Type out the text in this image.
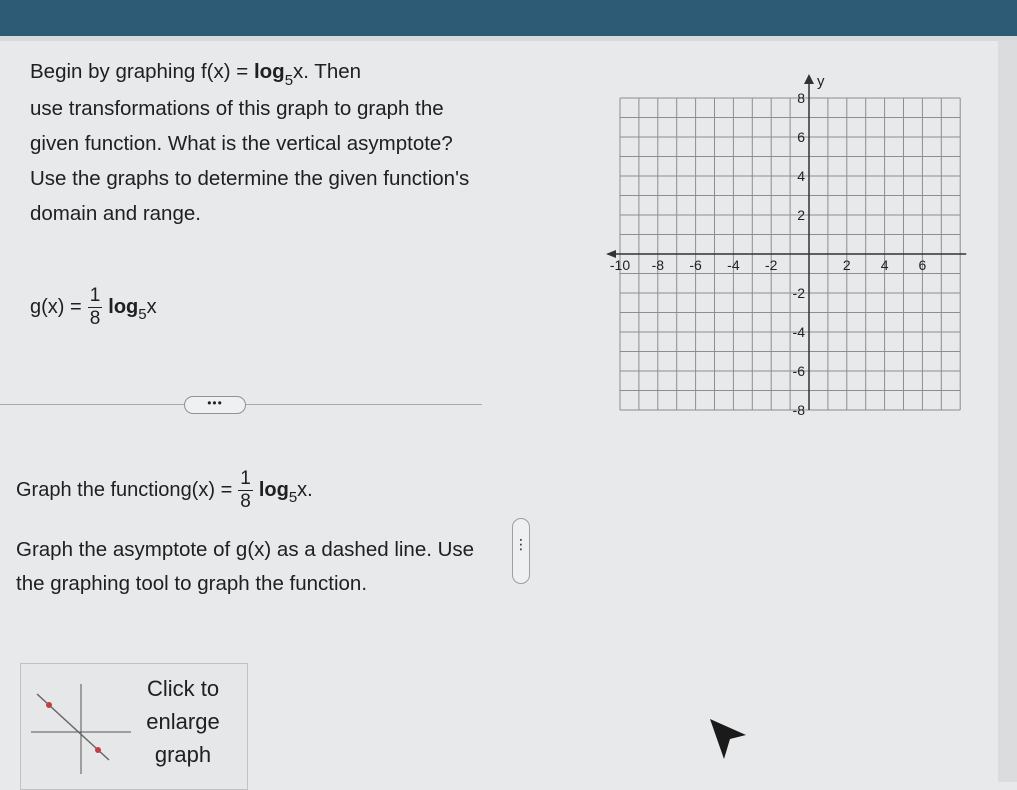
Begin by graphing $f(x) = \log_5x$. Then
use transformations of this graph to graph the given function. What is the vertical asymptote? Use the graphs to determine the given function's domain and range.
$g(x) = \frac{1}{8}$ log 5 x
•••
y
-10 -8 -6 -4 -2	2 4 6
8
6
4
2
-2
-4
-6
-8
Graph the function $g(x) = \frac{1}{8}$ log 5 x.
Graph the asymptote of g(x) as a dashed line. Use the graphing tool to graph the function.
⋮
Click to enlarge graph
